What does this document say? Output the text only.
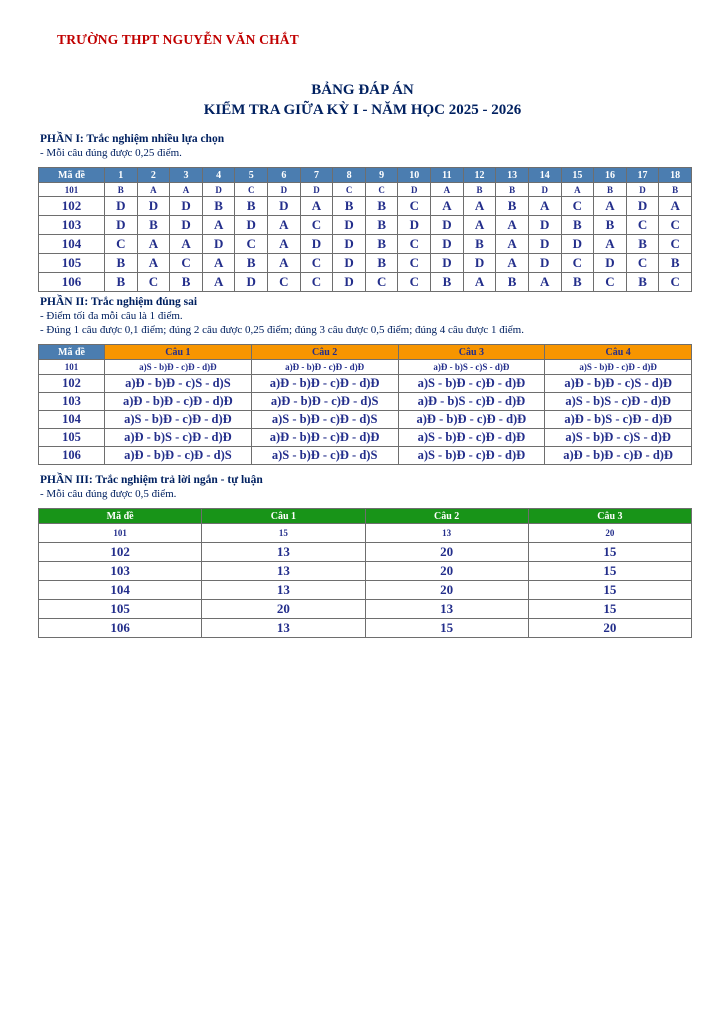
TRƯỜNG THPT NGUYỄN VĂN CHẮT
BẢNG ĐÁP ÁN
KIỂM TRA GIỮA KỲ I - NĂM HỌC 2025 - 2026
PHẦN I: Trắc nghiệm nhiều lựa chọn
- Mỗi câu đúng được 0,25 điểm.
Mã đề	1	2	3	4	5	6	7	8	9	10	11	12	13	14	15	16	17	18
101	B	A	A	D	C	D	D	C	C	D	A	B	B	D	A	B	D	B
102	D	D	D	B	B	D	A	B	B	C	A	A	B	A	C	A	D	A
103	D	B	D	A	D	A	C	D	B	D	D	A	A	D	B	B	C	C
104	C	A	A	D	C	A	D	D	B	C	D	B	A	D	D	A	B	C
105	B	A	C	A	B	A	C	D	B	C	D	D	A	D	C	D	C	B
106	B	C	B	A	D	C	C	D	C	C	B	A	B	A	B	C	B	C
PHẦN II: Trắc nghiệm đúng sai
- Điểm tối đa mỗi câu là 1 điểm.
- Đúng 1 câu được 0,1 điểm; đúng 2 câu được 0,25 điểm; đúng 3 câu được 0,5 điểm; đúng 4 câu được 1 điểm.
Mã đề	Câu 1	Câu 2	Câu 3	Câu 4
101	a)S - b)Đ - c)Đ - d)Đ	a)Đ - b)Đ - c)Đ - d)Đ	a)Đ - b)S - c)S - d)Đ	a)S - b)Đ - c)Đ - d)Đ
102	a)Đ - b)Đ - c)S - d)S	a)Đ - b)Đ - c)Đ - d)Đ	a)S - b)Đ - c)Đ - d)Đ	a)Đ - b)Đ - c)S - d)Đ
103	a)Đ - b)Đ - c)Đ - d)Đ	a)Đ - b)Đ - c)Đ - d)S	a)Đ - b)S - c)Đ - d)Đ	a)S - b)S - c)Đ - d)Đ
104	a)S - b)Đ - c)Đ - d)Đ	a)S - b)Đ - c)Đ - d)S	a)Đ - b)Đ - c)Đ - d)Đ	a)Đ - b)S - c)Đ - d)Đ
105	a)Đ - b)S - c)Đ - d)Đ	a)Đ - b)Đ - c)Đ - d)Đ	a)S - b)Đ - c)Đ - d)Đ	a)S - b)Đ - c)S - d)Đ
106	a)Đ - b)Đ - c)Đ - d)S	a)S - b)Đ - c)Đ - d)S	a)S - b)Đ - c)Đ - d)Đ	a)Đ - b)Đ - c)Đ - d)Đ
PHẦN III: Trắc nghiệm trả lời ngắn - tự luận
- Mỗi câu đúng được 0,5 điểm.
Mã đề	Câu 1	Câu 2	Câu 3
101	15	13	20
102	13	20	15
103	13	20	15
104	13	20	15
105	20	13	15
106	13	15	20
